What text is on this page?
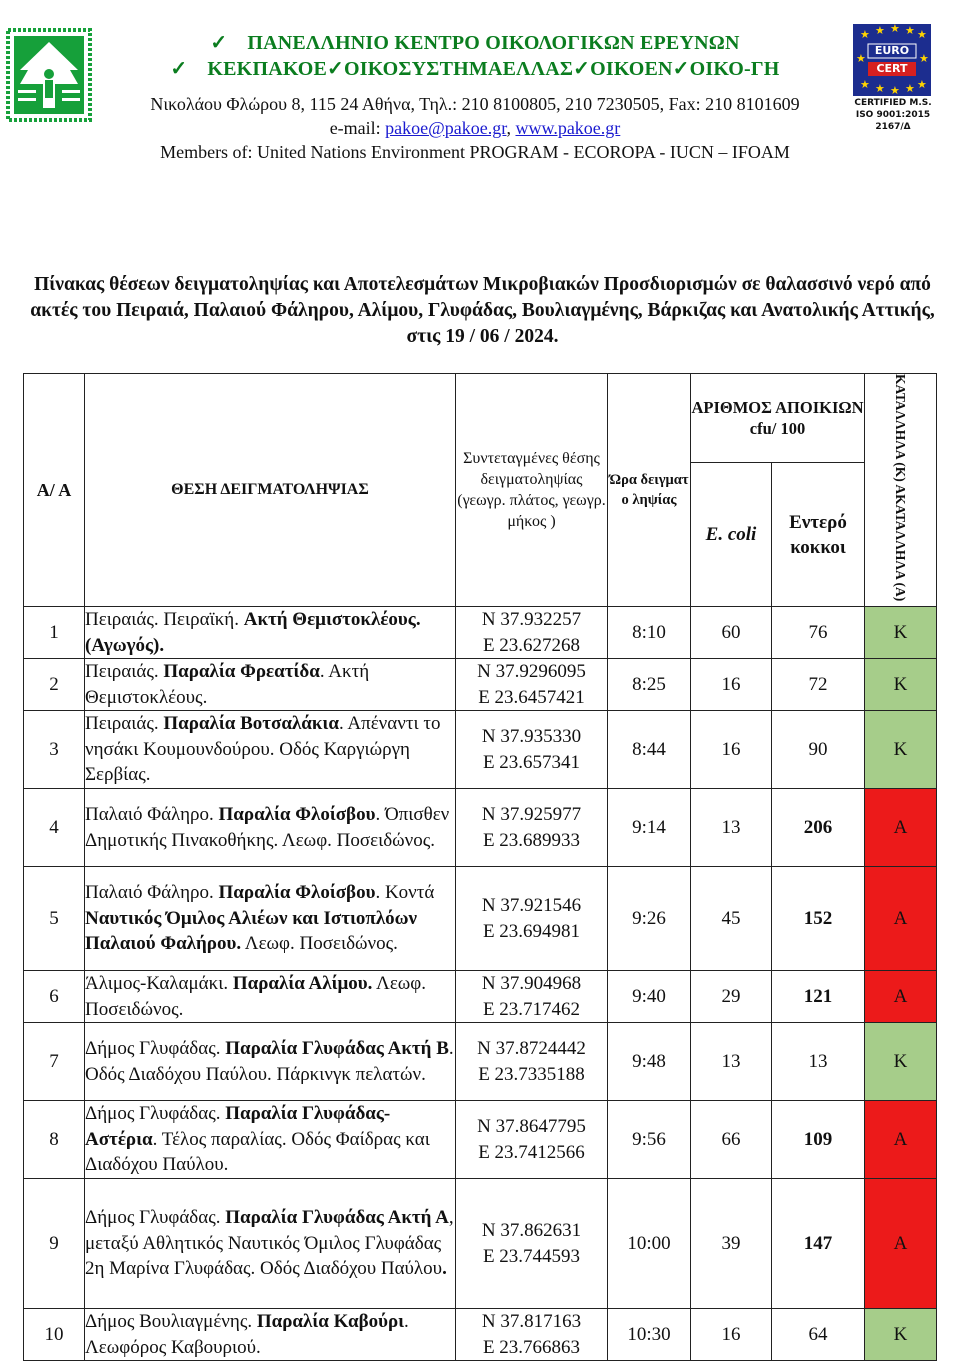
✓ ΠΑΝΕΛΛΗΝΙΟ ΚΕΝΤΡΟ ΟΙΚΟΛΟΓΙΚΩΝ ΕΡΕΥΝΩΝ
✓ ΚΕΚΠΑΚΟΕ✓ΟΙΚΟΣΥΣΤΗΜΑΕΛΛΑΣ✓ΟΙΚΟΕΝ✓ΟΙΚΟ-ΓΗ
Νικολάου Φλώρου 8, 115 24 Αθήνα, Τηλ.: 210 8100805, 210 7230505, Fax: 210 8101609
e-mail: pakoe@pakoe.gr, www.pakoe.gr
Members of: United Nations Environment PROGRAM - ECOROPA - IUCN – IFOAM
★ ★ ★ ★ ★
★	★
★ ★ ★ ★ ★
EURO
CERT
CERTIFIED M.S.
ISO 9001:2015
2167/Δ
Πίνακας θέσεων δειγματοληψίας και Αποτελεσμάτων Μικροβιακών Προσδιορισμών σε θαλασσινό νερό από ακτές του Πειραιά, Παλαιού Φάληρου, Αλίμου, Γλυφάδας, Βουλιαγμένης, Βάρκιζας και Ανατολικής Αττικής, στις 19 / 06 / 2024.
Α/ Α	ΘΕΣΗ ΔΕΙΓΜΑΤΟΛΗΨΙΑΣ	Συντεταγμένες θέσης δειγματοληψίας (γεωγρ. πλάτος, γεωγρ. μήκος )	Ώρα δειγματ ο ληψίας	ΑΡΙΘΜΟΣ ΑΠΟΙΚΙΩΝ cfu/ 100		ΚΑΤΑΛΛΗΛΑ (Κ) ΑΚΑΤΑΛΛΗΛΑ (Α)
				E. coli	Εντερό κοκκοι	
1	Πειραιάς. Πειραϊκή. Ακτή Θεμιστοκλέους. (Αγωγός).	N 37.932257
E 23.627268	8:10	60	76	Κ
2	Πειραιάς. Παραλία Φρεατίδα. Ακτή Θεμιστοκλέους.	N 37.9296095
E 23.6457421	8:25	16	72	Κ
3	Πειραιάς. Παραλία Βοτσαλάκια. Απέναντι το νησάκι Κουμουνδούρου. Οδός Καργιώργη Σερβίας.	N 37.935330
E 23.657341	8:44	16	90	Κ
4	Παλαιό Φάληρο. Παραλία Φλοίσβου. Όπισθεν Δημοτικής Πινακοθήκης. Λεωφ. Ποσειδώνος.	N 37.925977
E 23.689933	9:14	13	206	Α
5	Παλαιό Φάληρο. Παραλία Φλοίσβου. Κοντά Ναυτικός Όμιλος Αλιέων και Ιστιοπλόων Παλαιού Φαλήρου. Λεωφ. Ποσειδώνος.	N 37.921546
E 23.694981	9:26	45	152	Α
6	Άλιμος-Καλαμάκι. Παραλία Αλίμου. Λεωφ. Ποσειδώνος.	N 37.904968
E 23.717462	9:40	29	121	Α
7	Δήμος Γλυφάδας. Παραλία Γλυφάδας Ακτή Β. Οδός Διαδόχου Παύλου. Πάρκινγκ πελατών.	N 37.8724442
E 23.7335188	9:48	13	13	Κ
8	Δήμος Γλυφάδας. Παραλία Γλυφάδας- Αστέρια. Τέλος παραλίας. Οδός Φαίδρας και Διαδόχου Παύλου.	N 37.8647795
E 23.7412566	9:56	66	109	Α
9	Δήμος Γλυφάδας. Παραλία Γλυφάδας Ακτή Α, μεταξύ Αθλητικός Ναυτικός Όμιλος Γλυφάδας 2η Μαρίνα Γλυφάδας. Οδός Διαδόχου Παύλου.	N 37.862631
E 23.744593	10:00	39	147	Α
10	Δήμος Βουλιαγμένης. Παραλία Καβούρι. Λεωφόρος Καβουριού.	N 37.817163
E 23.766863	10:30	16	64	Κ
